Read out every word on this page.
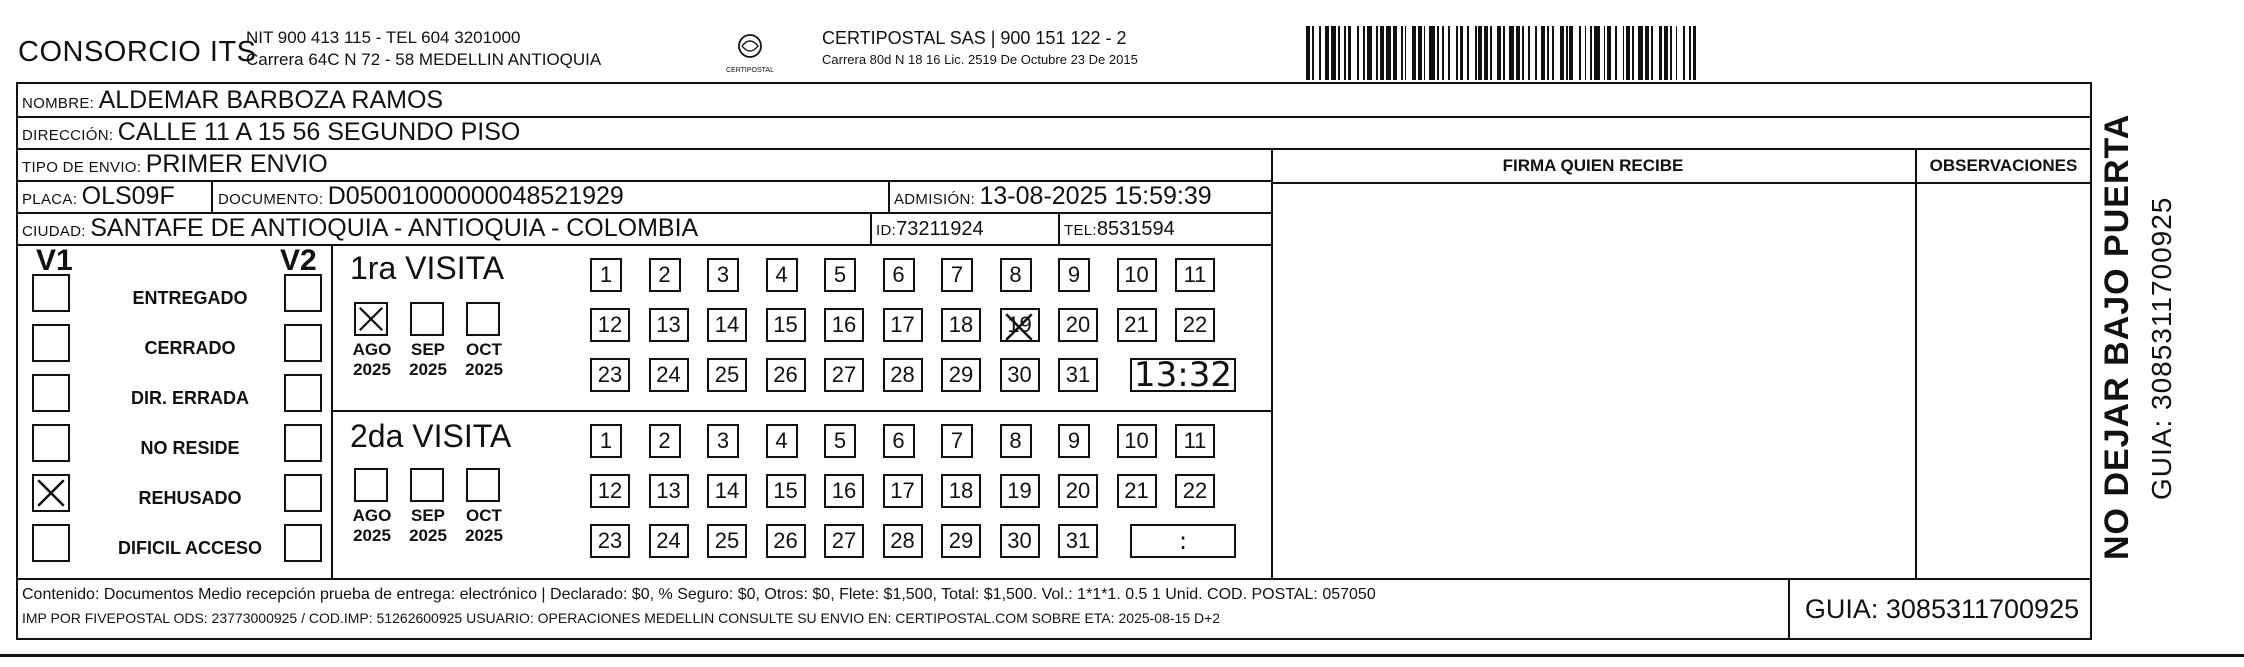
CONSORCIO ITS
NIT 900 413 115 - TEL 604 3201000
Carrera 64C N 72 - 58 MEDELLIN ANTIOQUIA
CERTIPOSTAL
CERTIPOSTAL SAS | 900 151 122 - 2
Carrera 80d N 18 16 Lic. 2519 De Octubre 23 De 2015
NOMBRE: ALDEMAR BARBOZA RAMOS
DIRECCIÓN: CALLE 11 A 15 56 SEGUNDO PISO
TIPO DE ENVIO: PRIMER ENVIO
PLACA: OLS09F	DOCUMENTO: D05001000000048521929	ADMISIÓN: 13-08-2025 15:59:39
CIUDAD: SANTAFE DE ANTIOQUIA - ANTIOQUIA - COLOMBIA	ID:73211924	TEL:8531594
FIRMA QUIEN RECIBE	OBSERVACIONES
V1	V2
ENTREGADO
CERRADO
DIR. ERRADA
NO RESIDE
REHUSADO
DIFICIL ACCESO
1ra VISITA
2da VISITA
AGO
2025
SEP
2025
OCT
2025
1	2	3	4	5	6	7	8	9	10	11
12	13	14	15	16	17	18	19	20	21	22
23	24	25	26	27	28	29	30	31 13:32
AGO
2025
SEP
2025
OCT
2025
1	2	3	4	5	6	7	8	9	10	11
12	13	14	15	16	17	18	19	20	21	22
23	24	25	26	27	28	29	30	31	:
Contenido: Documentos Medio recepción prueba de entrega: electrónico | Declarado: $0, % Seguro: $0, Otros: $0, Flete: $1,500, Total: $1,500. Vol.: 1*1*1. 0.5 1 Unid. COD. POSTAL: 057050
IMP POR FIVEPOSTAL ODS: 23773000925 / COD.IMP: 51262600925 USUARIO: OPERACIONES MEDELLIN CONSULTE SU ENVIO EN: CERTIPOSTAL.COM SOBRE ETA: 2025-08-15 D+2	GUIA: 3085311700925
NO DEJAR BAJO PUERTA GUIA: 3085311700925
